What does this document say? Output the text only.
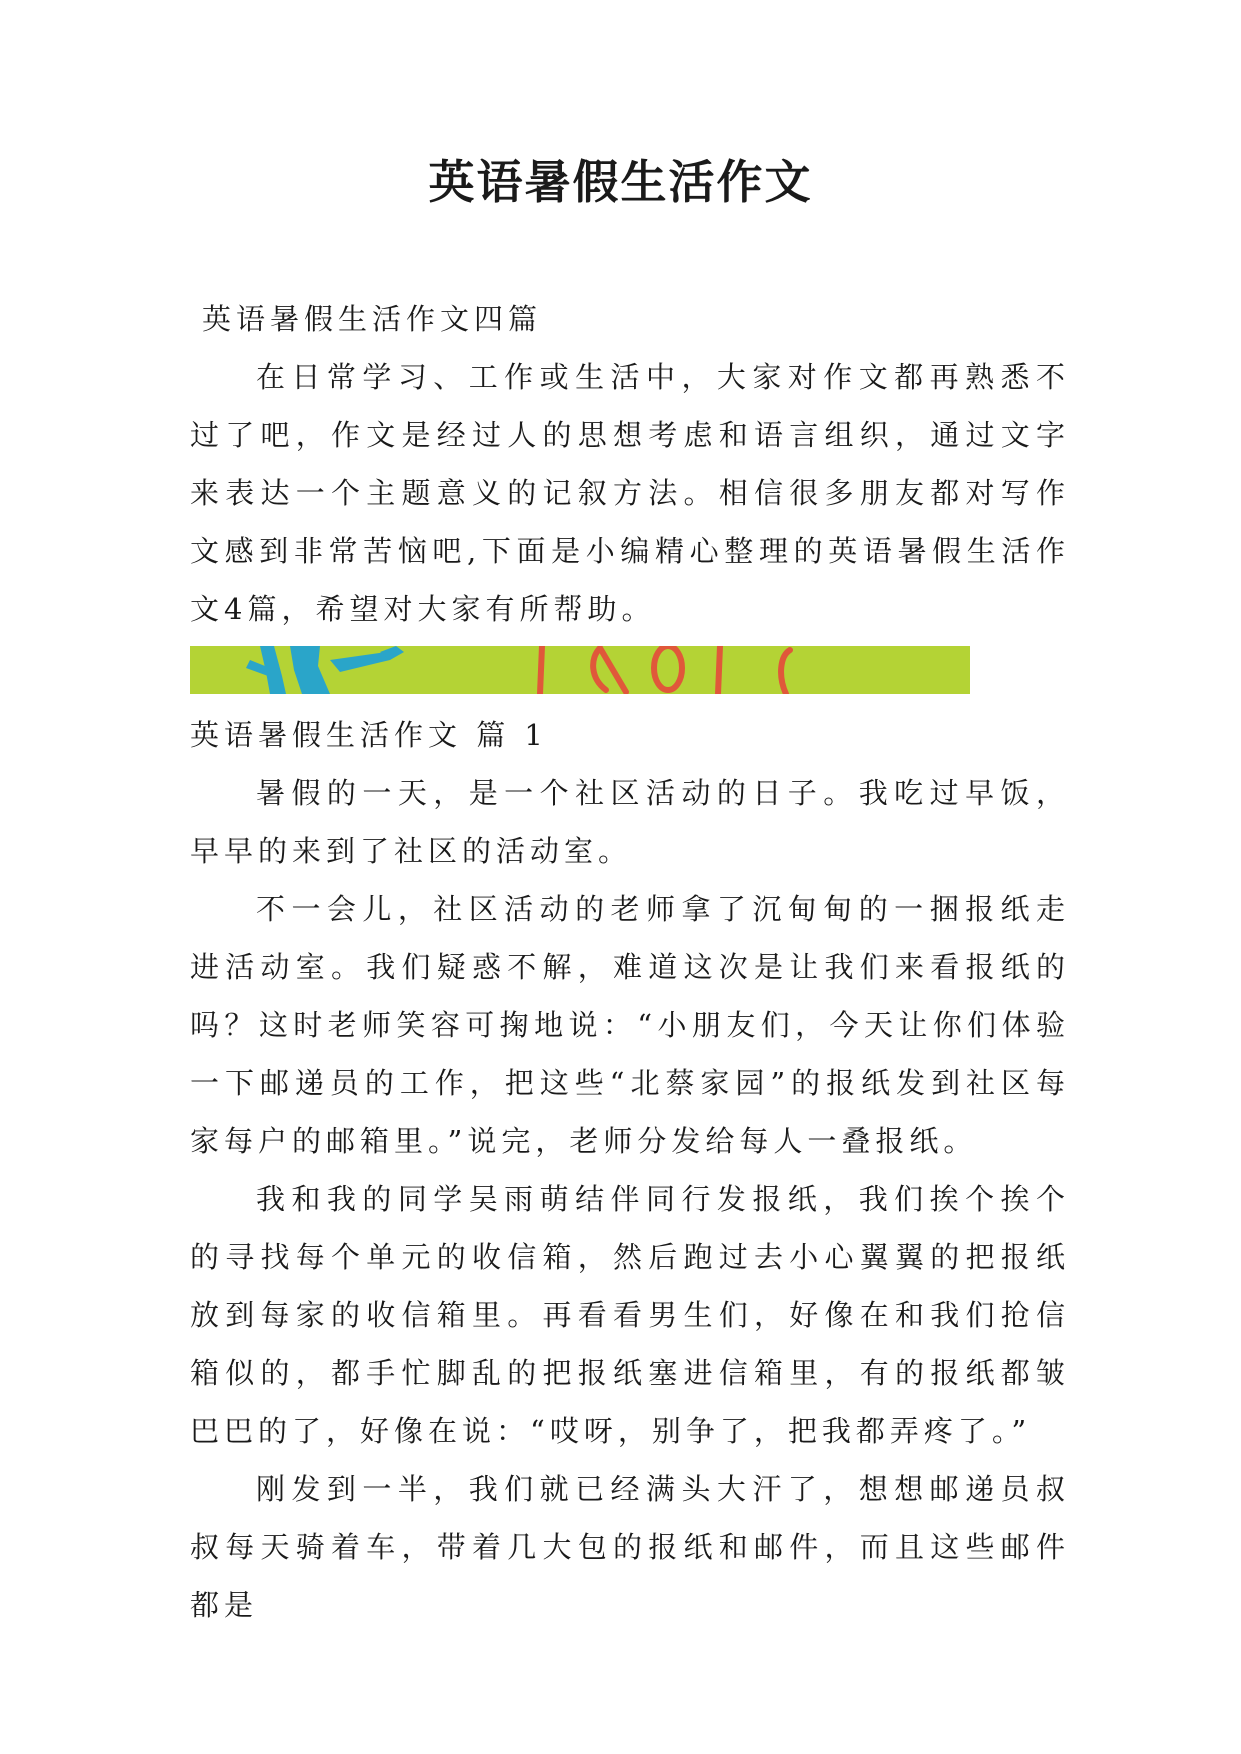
英语暑假生活作文

英语暑假生活作文四篇

在日常学习、工作或生活中，大家对作文都再熟悉不过了吧，作文是经过人的思想考虑和语言组织，通过文字来表达一个主题意义的记叙方法。相信很多朋友都对写作文感到非常苦恼吧,下面是小编精心整理的英语暑假生活作文4篇，希望对大家有所帮助。

英语暑假生活作文 篇 1

暑假的一天，是一个社区活动的日子。我吃过早饭，早早的来到了社区的活动室。

不一会儿，社区活动的老师拿了沉甸甸的一捆报纸走进活动室。我们疑惑不解，难道这次是让我们来看报纸的吗？这时老师笑容可掬地说：“小朋友们，今天让你们体验一下邮递员的工作，把这些“北蔡家园”的报纸发到社区每家每户的邮箱里。”说完，老师分发给每人一叠报纸。

我和我的同学吴雨萌结伴同行发报纸，我们挨个挨个的寻找每个单元的收信箱，然后跑过去小心翼翼的把报纸放到每家的收信箱里。再看看男生们，好像在和我们抢信箱似的，都手忙脚乱的把报纸塞进信箱里，有的报纸都皱巴巴的了，好像在说：“哎呀，别争了，把我都弄疼了。”

刚发到一半，我们就已经满头大汗了，想想邮递员叔叔每天骑着车，带着几大包的报纸和邮件，而且这些邮件都是
